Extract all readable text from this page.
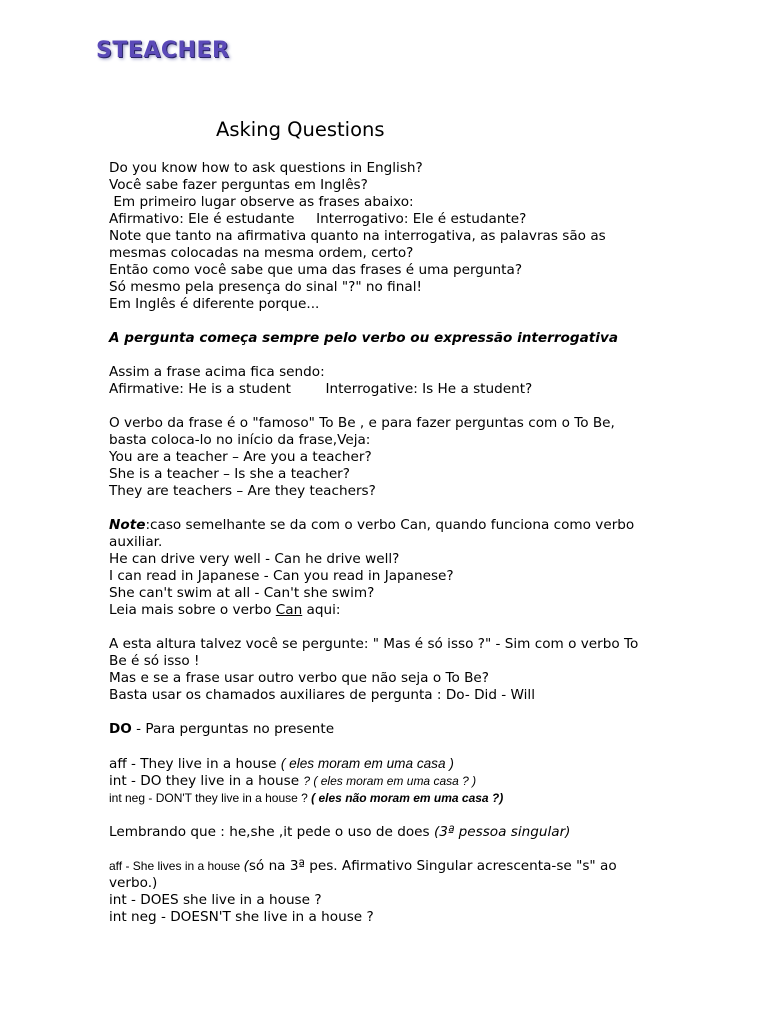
STEACHER
Asking Questions
Do you know how to ask questions in English?
Você sabe fazer perguntas em Inglês?
Em primeiro lugar observe as frases abaixo:
Afirmativo: Ele é estudante     Interrogativo: Ele é estudante?
Note que tanto na afirmativa quanto na interrogativa, as palavras são as
mesmas colocadas na mesma ordem, certo?
Então como você sabe que uma das frases é uma pergunta?
Só mesmo pela presença do sinal "?" no final!
Em Inglês é diferente porque...
A pergunta começa sempre pelo verbo ou expressão interrogativa
Assim a frase acima fica sendo:
Afirmative: He is a student        Interrogative: Is He a student?
O verbo da frase é o "famoso" To Be , e para fazer perguntas com o To Be,
basta coloca-lo no início da frase,Veja:
You are a teacher – Are you a teacher?
She is a teacher – Is she a teacher?
They are teachers – Are they teachers?
Note:caso semelhante se da com o verbo Can, quando funciona como verbo auxiliar.
He can drive very well - Can he drive well?
I can read in Japanese - Can you read in Japanese?
She can't swim at all - Can't she swim?
Leia mais sobre o verbo Can aqui:
A esta altura talvez você se pergunte: " Mas é só isso ?" - Sim com o verbo To Be é só isso !
Mas e se a frase usar outro verbo que não seja o To Be?
Basta usar os chamados auxiliares de pergunta : Do- Did - Will
DO - Para perguntas no presente
aff - They live in a house ( eles moram em uma casa )
int - DO they live in a house ? ( eles moram em uma casa ? )
int neg - DON'T they live in a house ? ( eles não moram em uma casa ?)
Lembrando que : he,she ,it pede o uso de does (3ª pessoa singular)
aff - She lives in a house (só na 3ª pes. Afirmativo Singular acrescenta-se "s" ao verbo.)
int - DOES she live in a house ?
int neg - DOESN'T she live in a house ?
